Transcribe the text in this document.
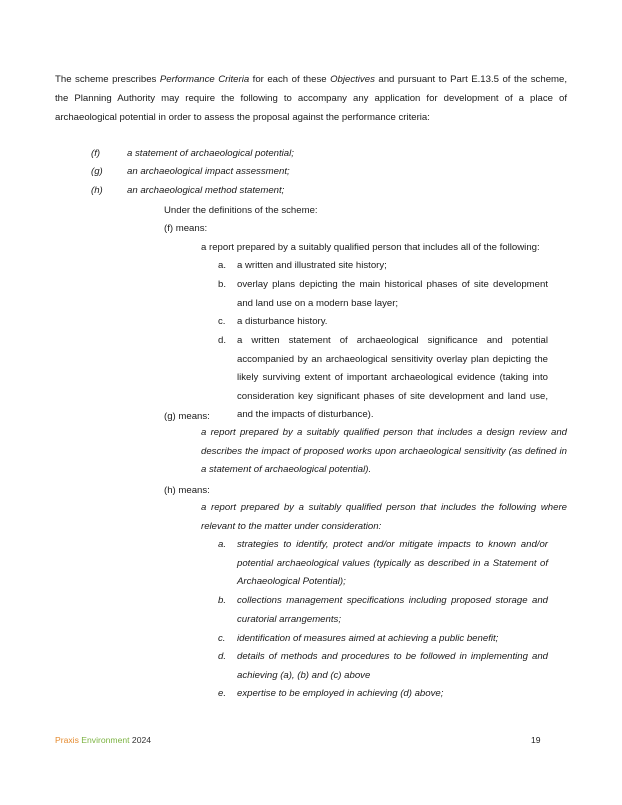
The scheme prescribes Performance Criteria for each of these Objectives and pursuant to Part E.13.5 of the scheme, the Planning Authority may require the following to accompany any application for development of a place of archaeological potential in order to assess the proposal against the performance criteria:

(f)	a statement of archaeological potential;
(g)	an archaeological impact assessment;
(h)	an archaeological method statement;
Under the definitions of the scheme:
(f) means:
a report prepared by a suitably qualified person that includes all of the following:
a. a written and illustrated site history;
b. overlay plans depicting the main historical phases of site development and land use on a modern base layer;
c. a disturbance history.
d. a written statement of archaeological significance and potential accompanied by an archaeological sensitivity overlay plan depicting the likely surviving extent of important archaeological evidence (taking into consideration key significant phases of site development and land use, and the impacts of disturbance).
(g) means:

a report prepared by a suitably qualified person that includes a design review and describes the impact of proposed works upon archaeological sensitivity (as defined in a statement of archaeological potential).

(h) means:

a report prepared by a suitably qualified person that includes the following where relevant to the matter under consideration:

a. strategies to identify, protect and/or mitigate impacts to known and/or potential archaeological values (typically as described in a Statement of Archaeological Potential);
b. collections management specifications including proposed storage and curatorial arrangements;
c. identification of measures aimed at achieving a public benefit;
d. details of methods and procedures to be followed in implementing and achieving (a), (b) and (c) above
e. expertise to be employed in achieving (d) above;
Praxis Environment 2024	19
